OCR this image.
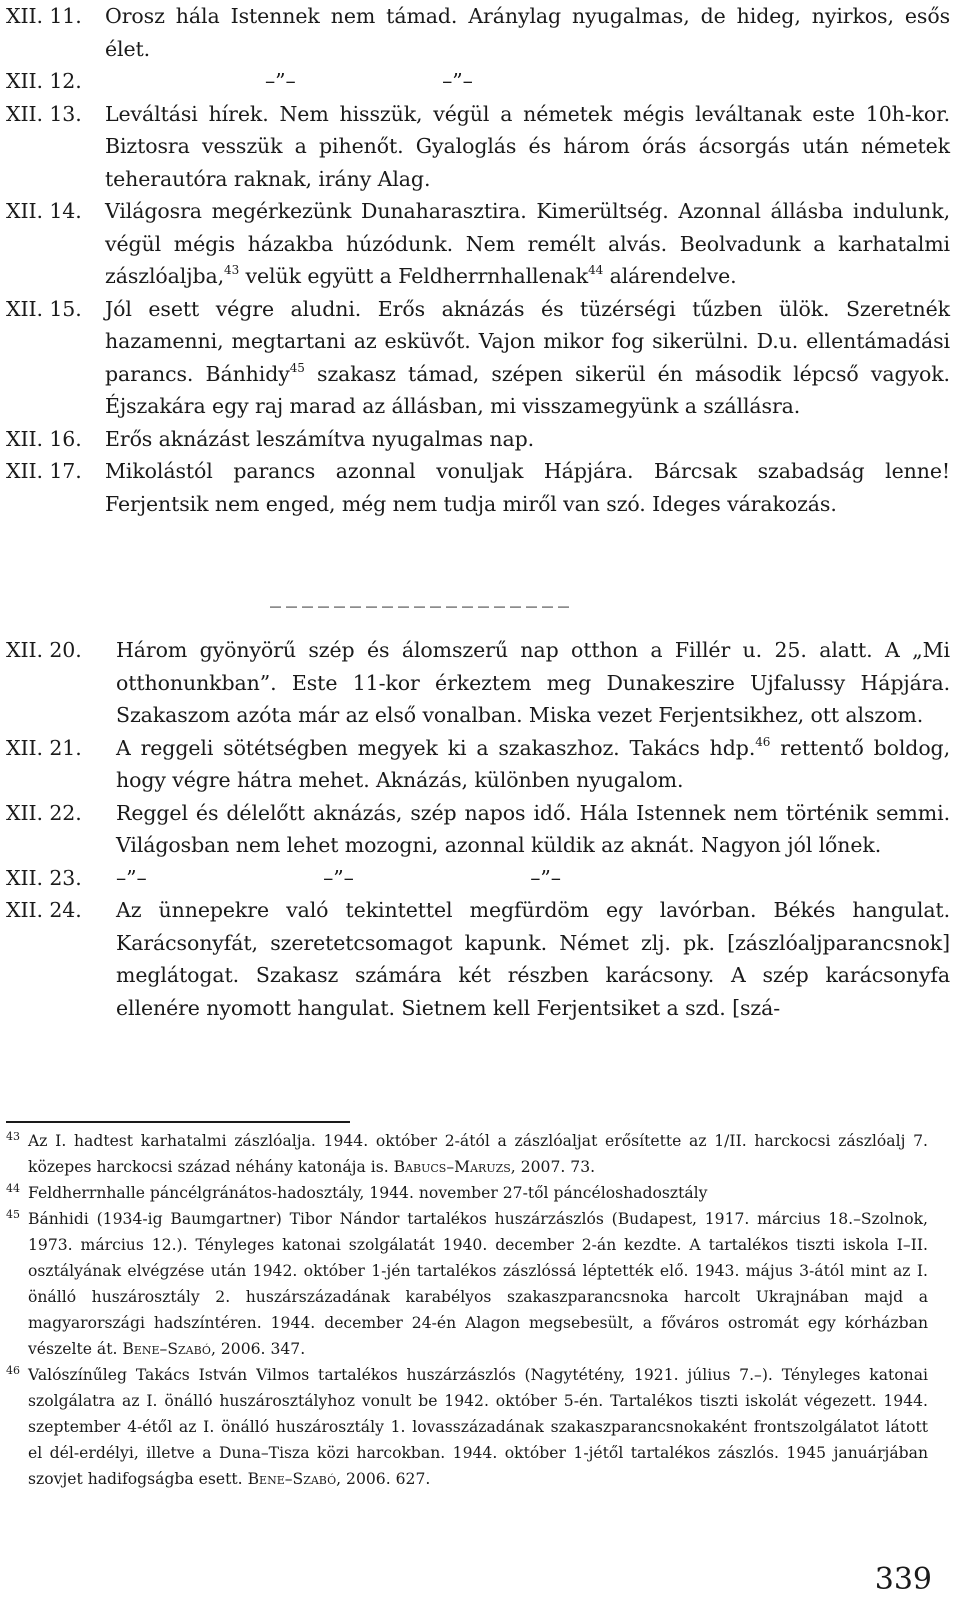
XII. 11.	Orosz hála Istennek nem támad. Aránylag nyugalmas, de hideg, nyirkos, esős élet.
XII. 12.	–”–	–”–
XII. 13.	Leváltási hírek. Nem hisszük, végül a németek mégis leváltanak este 10h-kor. Biztosra vesszük a pihenőt. Gyaloglás és három órás ácsorgás után németek teherautóra raknak, irány Alag.
XII. 14.	Világosra megérkezünk Dunaharasztira. Kimerültség. Azonnal állásba indulunk, végül mégis házakba húzódunk. Nem remélt alvás. Beolvadunk a karhatalmi zászlóaljba,$^{43}$ velük együtt a Feldherrnhallenak$^{44}$ alárendelve.
XII. 15.	Jól esett végre aludni. Erős aknázás és tüzérségi tűzben ülök. Szeretnék hazamenni, megtartani az esküvőt. Vajon mikor fog sikerülni. D.u. ellentámadási parancs. Bánhidy$^{45}$ szakasz támad, szépen sikerül én második lépcső vagyok. Éjszakára egy raj marad az állásban, mi visszamegyünk a szállásra.
XII. 16.	Erős aknázást leszámítva nyugalmas nap.
XII. 17.	Mikolástól parancs azonnal vonuljak Hápjára. Bárcsak szabadság lenne! Ferjentsik nem enged, még nem tudja miről van szó. Ideges várakozás.
___________________
XII. 20.	Három gyönyörű szép és álomszerű nap otthon a Fillér u. 25. alatt. A „Mi otthonunkban”. Este 11-kor érkeztem meg Dunakeszire Ujfalussy Hápjára. Szakaszom azóta már az első vonalban. Miska vezet Ferjentsikhez, ott alszom.
XII. 21.	A reggeli sötétségben megyek ki a szakaszhoz. Takács hdp.$^{46}$ rettentő boldog, hogy végre hátra mehet. Aknázás, különben nyugalom.
XII. 22.	Reggel és délelőtt aknázás, szép napos idő. Hála Istennek nem történik semmi. Világosban nem lehet mozogni, azonnal küldik az aknát. Nagyon jól lőnek.
XII. 23.	–”–	–”–	–”–
XII. 24.	Az ünnepekre való tekintettel megfürdöm egy lavórban. Békés hangulat. Karácsonyfát, szeretetcsomagot kapunk. Német zlj. pk. [zászlóaljparancsnok] meglátogat. Szakasz számára két részben karácsony. A szép karácsonyfa ellenére nyomott hangulat. Sietnem kell Ferjentsiket a szd. [szá-
43 Az I. hadtest karhatalmi zászlóalja. 1944. október 2-ától a zászlóaljat erősítette az 1/II. harckocsi zászlóalj 7. közepes harckocsi század néhány katonája is. Babucs–Maruzs, 2007. 73.
44 Feldherrnhalle páncélgránátos-hadosztály, 1944. november 27-től páncéloshadosztály
45 Bánhidi (1934-ig Baumgartner) Tibor Nándor tartalékos huszárzászlós (Budapest, 1917. március 18.–Szolnok, 1973. március 12.). Tényleges katonai szolgálatát 1940. december 2-án kezdte. A tartalékos tiszti iskola I–II. osztályának elvégzése után 1942. október 1-jén tartalékos zászlóssá léptették elő. 1943. május 3-ától mint az I. önálló huszárosztály 2. huszárszázadának karabélyos szakaszparancsnoka harcolt Ukrajnában majd a magyarországi hadszíntéren. 1944. december 24-én Alagon megsebesült, a főváros ostromát egy kórházban vészelte át. Bene–Szabó, 2006. 347.
46 Valószínűleg Takács István Vilmos tartalékos huszárzászlós (Nagytétény, 1921. július 7.–). Tényleges katonai szolgálatra az I. önálló huszárosztályhoz vonult be 1942. október 5-én. Tartalékos tiszti iskolát végezett. 1944. szeptember 4-étől az I. önálló huszárosztály 1. lovasszázadának szakaszparancsnokaként frontszolgálatot látott el dél-erdélyi, illetve a Duna–Tisza közi harcokban. 1944. október 1-jétől tartalékos zászlós. 1945 januárjában szovjet hadifogságba esett. Bene–Szabó, 2006. 627.
339
